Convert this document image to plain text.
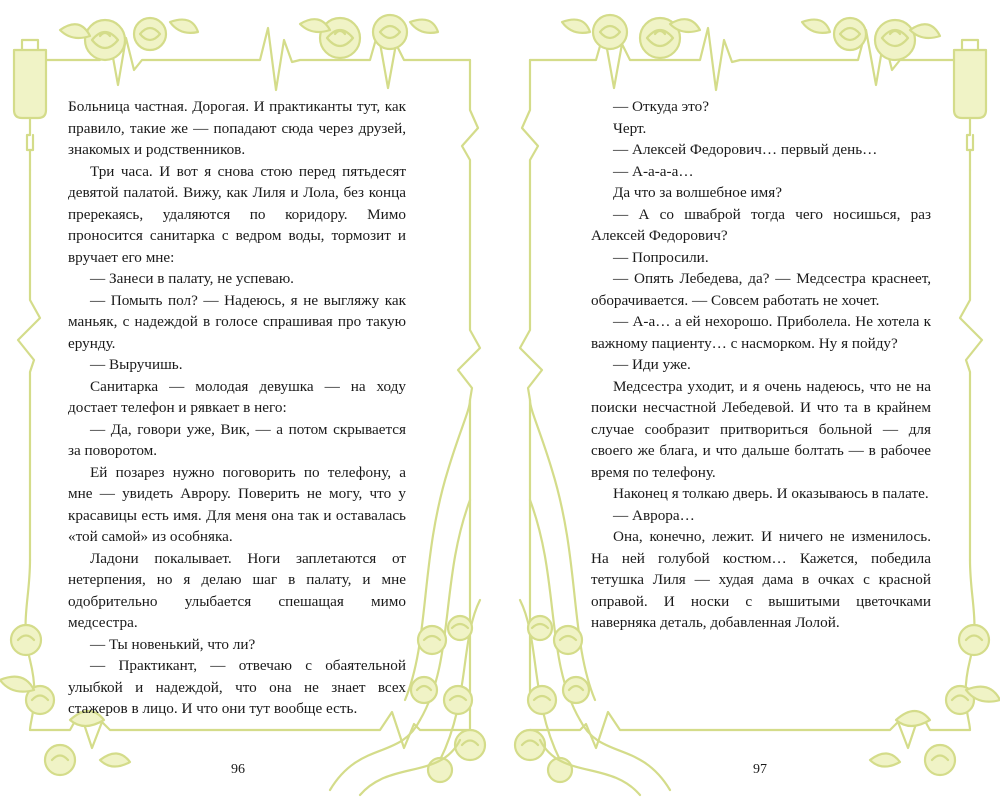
Больница частная. Дорогая. И практиканты тут, как правило, такие же — попадают сюда через друзей, знакомых и родственников.

Три часа. И вот я снова стою перед пятьдесят девятой палатой. Вижу, как Лиля и Лола, без конца пререкаясь, удаляются по коридору. Мимо проносится санитарка с ведром воды, тормозит и вручает его мне:

— Занеси в палату, не успеваю.

— Помыть пол? — Надеюсь, я не выгляжу как маньяк, с надеждой в голосе спрашивая про такую ерунду.

— Выручишь.

Санитарка — молодая девушка — на ходу достает телефон и рявкает в него:

— Да, говори уже, Вик, — а потом скрывается за поворотом.

Ей позарез нужно поговорить по телефону, а мне — увидеть Аврору. Поверить не могу, что у красавицы есть имя. Для меня она так и оставалась «той самой» из особняка.

Ладони покалывает. Ноги заплетаются от нетерпения, но я делаю шаг в палату, и мне одобрительно улыбается спешащая мимо медсестра.

— Ты новенький, что ли?

— Практикант, — отвечаю с обаятельной улыбкой и надеждой, что она не знает всех стажеров в лицо. И что они тут вообще есть.

96

— Откуда это?

Черт.

— Алексей Федорович… первый день…

— А-а-а-а…

Да что за волшебное имя?

— А со шваброй тогда чего носишься, раз Алексей Федорович?

— Попросили.

— Опять Лебедева, да? — Медсестра краснеет, оборачивается. — Совсем работать не хочет.

— А-а… а ей нехорошо. Приболела. Не хотела к важному пациенту… с насморком. Ну я пойду?

— Иди уже.

Медсестра уходит, и я очень надеюсь, что не на поиски несчастной Лебедевой. И что та в крайнем случае сообразит притвориться больной — для своего же блага, и что дальше болтать — в рабочее время по телефону.

Наконец я толкаю дверь. И оказываюсь в палате.

— Аврора…

Она, конечно, лежит. И ничего не изменилось. На ней голубой костюм… Кажется, победила тетушка Лиля — худая дама в очках с красной оправой. И носки с вышитыми цветочками наверняка деталь, добавленная Лолой.

97
